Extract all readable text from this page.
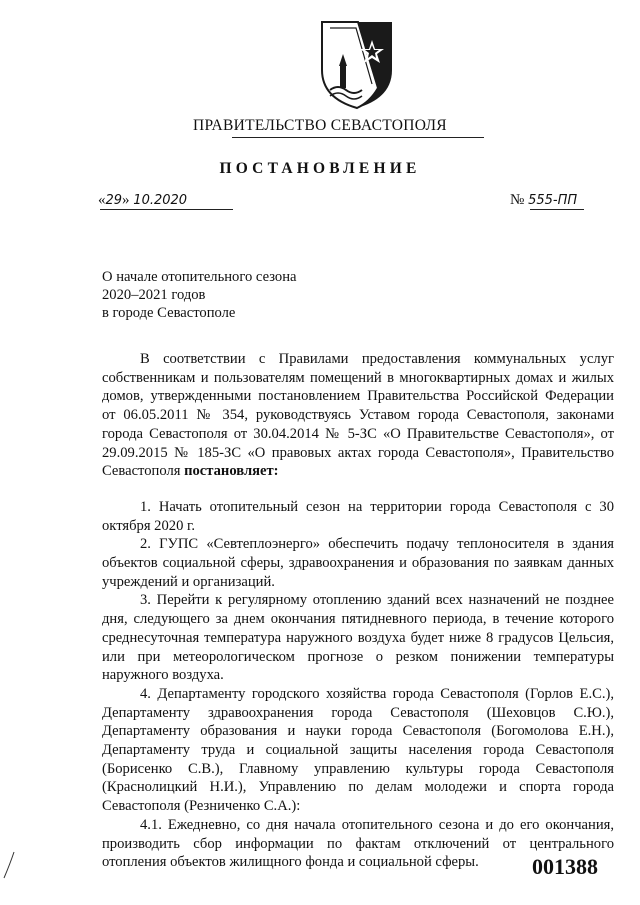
ПРАВИТЕЛЬСТВО СЕВАСТОПОЛЯ
ПОСТАНОВЛЕНИЕ
«29» 10.2020	№ 555-ПП
О начале отопительного сезона
2020–2021 годов
в городе Севастополе

В соответствии с Правилами предоставления коммунальных услуг собственникам и пользователям помещений в многоквартирных домах и жилых домов, утвержденными постановлением Правительства Российской Федерации от 06.05.2011 № 354, руководствуясь Уставом города Севастополя, законами города Севастополя от 30.04.2014 № 5-ЗС «О Правительстве Севастополя», от 29.09.2015 № 185-ЗС «О правовых актах города Севастополя», Правительство Севастополя постановляет:

1. Начать отопительный сезон на территории города Севастополя с 30 октября 2020 г.

2. ГУПС «Севтеплоэнерго» обеспечить подачу теплоносителя в здания объектов социальной сферы, здравоохранения и образования по заявкам данных учреждений и организаций.

3. Перейти к регулярному отоплению зданий всех назначений не позднее дня, следующего за днем окончания пятидневного периода, в течение которого среднесуточная температура наружного воздуха будет ниже 8 градусов Цельсия, или при метеорологическом прогнозе о резком понижении температуры наружного воздуха.

4. Департаменту городского хозяйства города Севастополя (Горлов Е.С.), Департаменту здравоохранения города Севастополя (Шеховцов С.Ю.), Департаменту образования и науки города Севастополя (Богомолова Е.Н.), Департаменту труда и социальной защиты населения города Севастополя (Борисенко С.В.), Главному управлению культуры города Севастополя (Краснолицкий Н.И.), Управлению по делам молодежи и спорта города Севастополя (Резниченко С.А.):

4.1. Ежедневно, со дня начала отопительного сезона и до его окончания, производить сбор информации по фактам отключений от центрального отопления объектов жилищного фонда и социальной сферы.	001388
